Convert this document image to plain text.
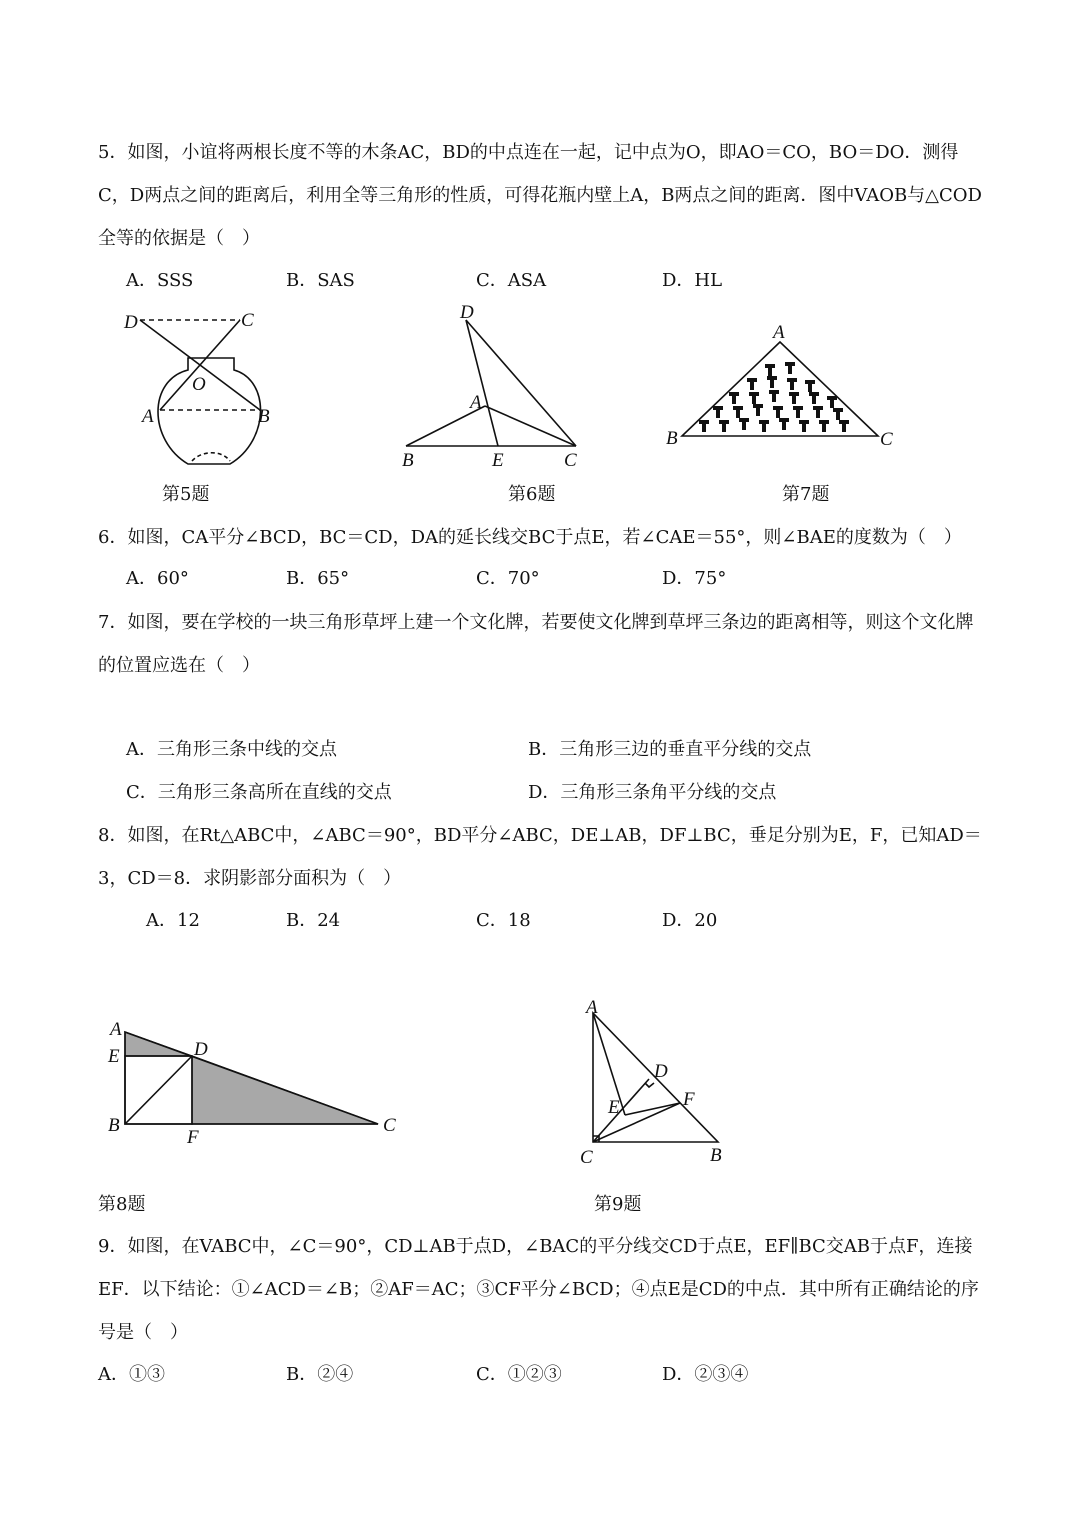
5．如图，小谊将两根长度不等的木条AC，BD的中点连在一起，记中点为O，即AO＝CO，BO＝DO．测得C，D两点之间的距离后，利用全等三角形的性质，可得花瓶内壁上A，B两点之间的距离．图中VAOB与△COD全等的依据是（　）
A．SSS	B．SAS	C．ASA	D．HL
D	C
O
A	B
D
A
B	E	C
A
B	C
第5题	第6题	第7题
6．如图，CA平分∠BCD，BC＝CD，DA的延长线交BC于点E，若∠CAE＝55°，则∠BAE的度数为（　）
A．60°	B．65°	C．70°	D．75°
7．如图，要在学校的一块三角形草坪上建一个文化牌，若要使文化牌到草坪三条边的距离相等，则这个文化牌的位置应选在（　）
A．三角形三条中线的交点	B．三角形三边的垂直平分线的交点
C．三角形三条高所在直线的交点	D．三角形三条角平分线的交点
8．如图，在Rt△ABC中，∠ABC＝90°，BD平分∠ABC，DE⊥AB，DF⊥BC，垂足分别为E，F，已知AD＝3，CD＝8．求阴影部分面积为（　）
A．12	B．24	C．18	D．20
A
E	D
B
F
C
A
D
E	F
C	B
第8题	第9题
9．如图，在VABC中，∠C＝90°，CD⊥AB于点D，∠BAC的平分线交CD于点E，EF∥BC交AB于点F，连接EF．以下结论：①∠ACD＝∠B；②AF＝AC；③CF平分∠BCD；④点E是CD的中点．其中所有正确结论的序号是（　）
A．①③	B．②④	C．①②③	D．②③④
